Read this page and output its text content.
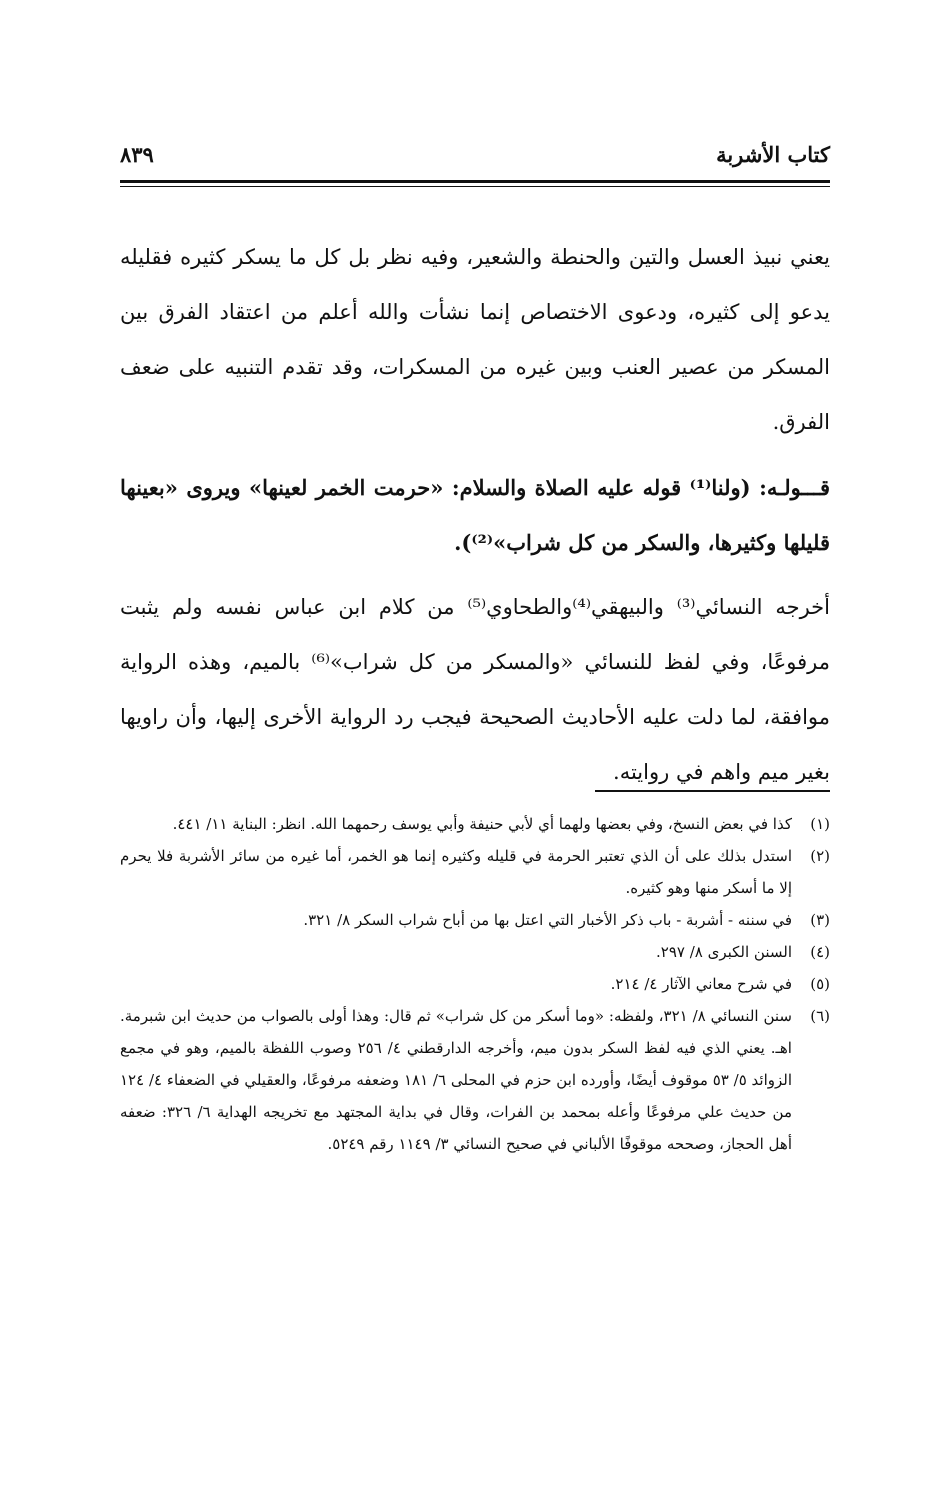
كتاب الأشربة
٨٣٩

يعني نبيذ العسل والتين والحنطة والشعير، وفيه نظر بل كل ما يسكر كثيره فقليله يدعو إلى كثيره، ودعوى الاختصاص إنما نشأت والله أعلم من اعتقاد الفرق بين المسكر من عصير العنب وبين غيره من المسكرات، وقد تقدم التنبيه على ضعف الفرق.

قـــولـه: (ولنا⁽¹⁾ قوله عليه الصلاة والسلام: «حرمت الخمر لعينها» ويروى «بعينها قليلها وكثيرها، والسكر من كل شراب»⁽²⁾).

أخرجه النسائي⁽³⁾ والبيهقي⁽⁴⁾والطحاوي⁽⁵⁾ من كلام ابن عباس نفسه ولم يثبت مرفوعًا، وفي لفظ للنسائي «والمسكر من كل شراب»⁽⁶⁾ بالميم، وهذه الرواية موافقة، لما دلت عليه الأحاديث الصحيحة فيجب رد الرواية الأخرى إليها، وأن راويها بغير ميم واهم في روايته.

(١)
كذا في بعض النسخ، وفي بعضها ولهما أي لأبي حنيفة وأبي يوسف رحمهما الله. انظر: البناية ١١/ ٤٤١.
(٢)
استدل بذلك على أن الذي تعتبر الحرمة في قليله وكثيره إنما هو الخمر، أما غيره من سائر الأشربة فلا يحرم إلا ما أسكر منها وهو كثيره.
(٣)
في سننه - أشربة - باب ذكر الأخبار التي اعتل بها من أباح شراب السكر ٨/ ٣٢١.
(٤)
السنن الكبرى ٨/ ٢٩٧.
(٥)
في شرح معاني الآثار ٤/ ٢١٤.
(٦)
سنن النسائي ٨/ ٣٢١، ولفظه: «وما أسكر من كل شراب» ثم قال: وهذا أولى بالصواب من حديث ابن شبرمة. اهـ. يعني الذي فيه لفظ السكر بدون ميم، وأخرجه الدارقطني ٤/ ٢٥٦ وصوب اللفظة بالميم، وهو في مجمع الزوائد ٥/ ٥٣ موقوف أيضًا، وأورده ابن حزم في المحلى ٦/ ١٨١ وضعفه مرفوعًا، والعقيلي في الضعفاء ٤/ ١٢٤ من حديث علي مرفوعًا وأعله بمحمد بن الفرات، وقال في بداية المجتهد مع تخريجه الهداية ٦/ ٣٢٦: ضعفه أهل الحجاز، وصححه موقوفًا الألباني في صحيح النسائي ٣/ ١١٤٩ رقم ٥٢٤٩.
